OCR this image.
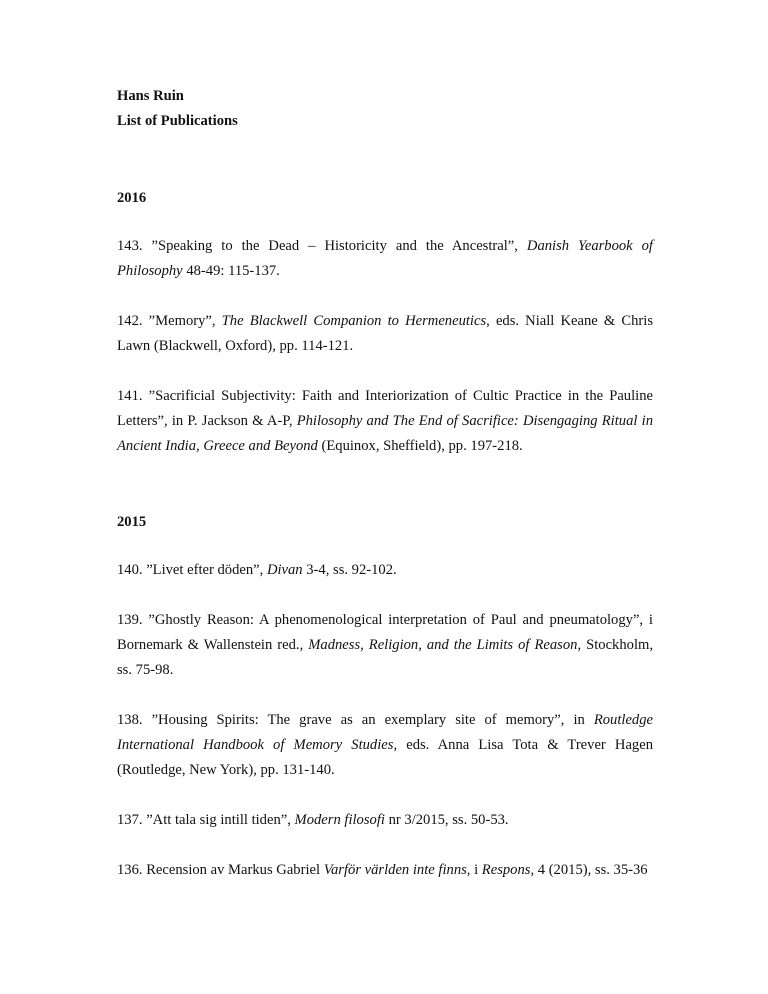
Hans Ruin
List of Publications
2016
143. ”Speaking to the Dead – Historicity and the Ancestral”, Danish Yearbook of Philosophy 48-49: 115-137.
142. ”Memory”, The Blackwell Companion to Hermeneutics, eds. Niall Keane & Chris Lawn (Blackwell, Oxford), pp. 114-121.
141. ”Sacrificial Subjectivity: Faith and Interiorization of Cultic Practice in the Pauline Letters”, in P. Jackson & A-P, Philosophy and The End of Sacrifice: Disengaging Ritual in Ancient India, Greece and Beyond (Equinox, Sheffield), pp. 197-218.
2015
140. ”Livet efter döden”, Divan 3-4, ss. 92-102.
139. ”Ghostly Reason: A phenomenological interpretation of Paul and pneumatology”, i Bornemark & Wallenstein red., Madness, Religion, and the Limits of Reason, Stockholm, ss. 75-98.
138. ”Housing Spirits: The grave as an exemplary site of memory”, in Routledge International Handbook of Memory Studies, eds. Anna Lisa Tota & Trever Hagen (Routledge, New York), pp. 131-140.
137. ”Att tala sig intill tiden”, Modern filosofi nr 3/2015, ss. 50-53.
136. Recension av Markus Gabriel Varför världen inte finns, i Respons, 4 (2015), ss. 35-36
